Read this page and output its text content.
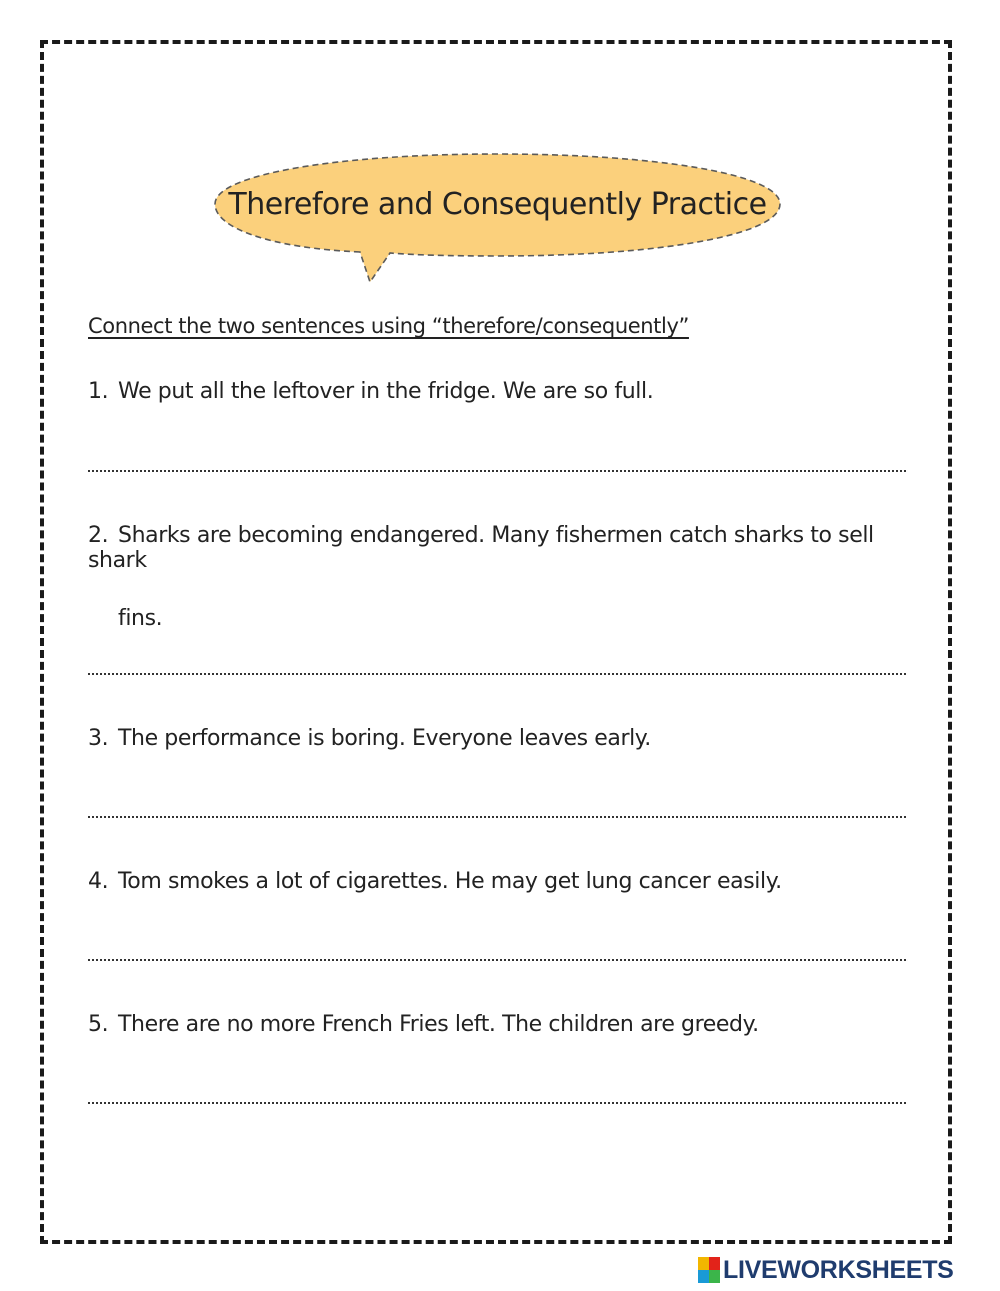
Therefore and Consequently Practice
Connect the two sentences using “therefore/consequently”
1. We put all the leftover in the fridge. We are so full.
2. Sharks are becoming endangered. Many fishermen catch sharks to sell shark
fins.
3. The performance is boring. Everyone leaves early.
4. Tom smokes a lot of cigarettes. He may get lung cancer easily.
5. There are no more French Fries left. The children are greedy.
LIVEWORKSHEETS
